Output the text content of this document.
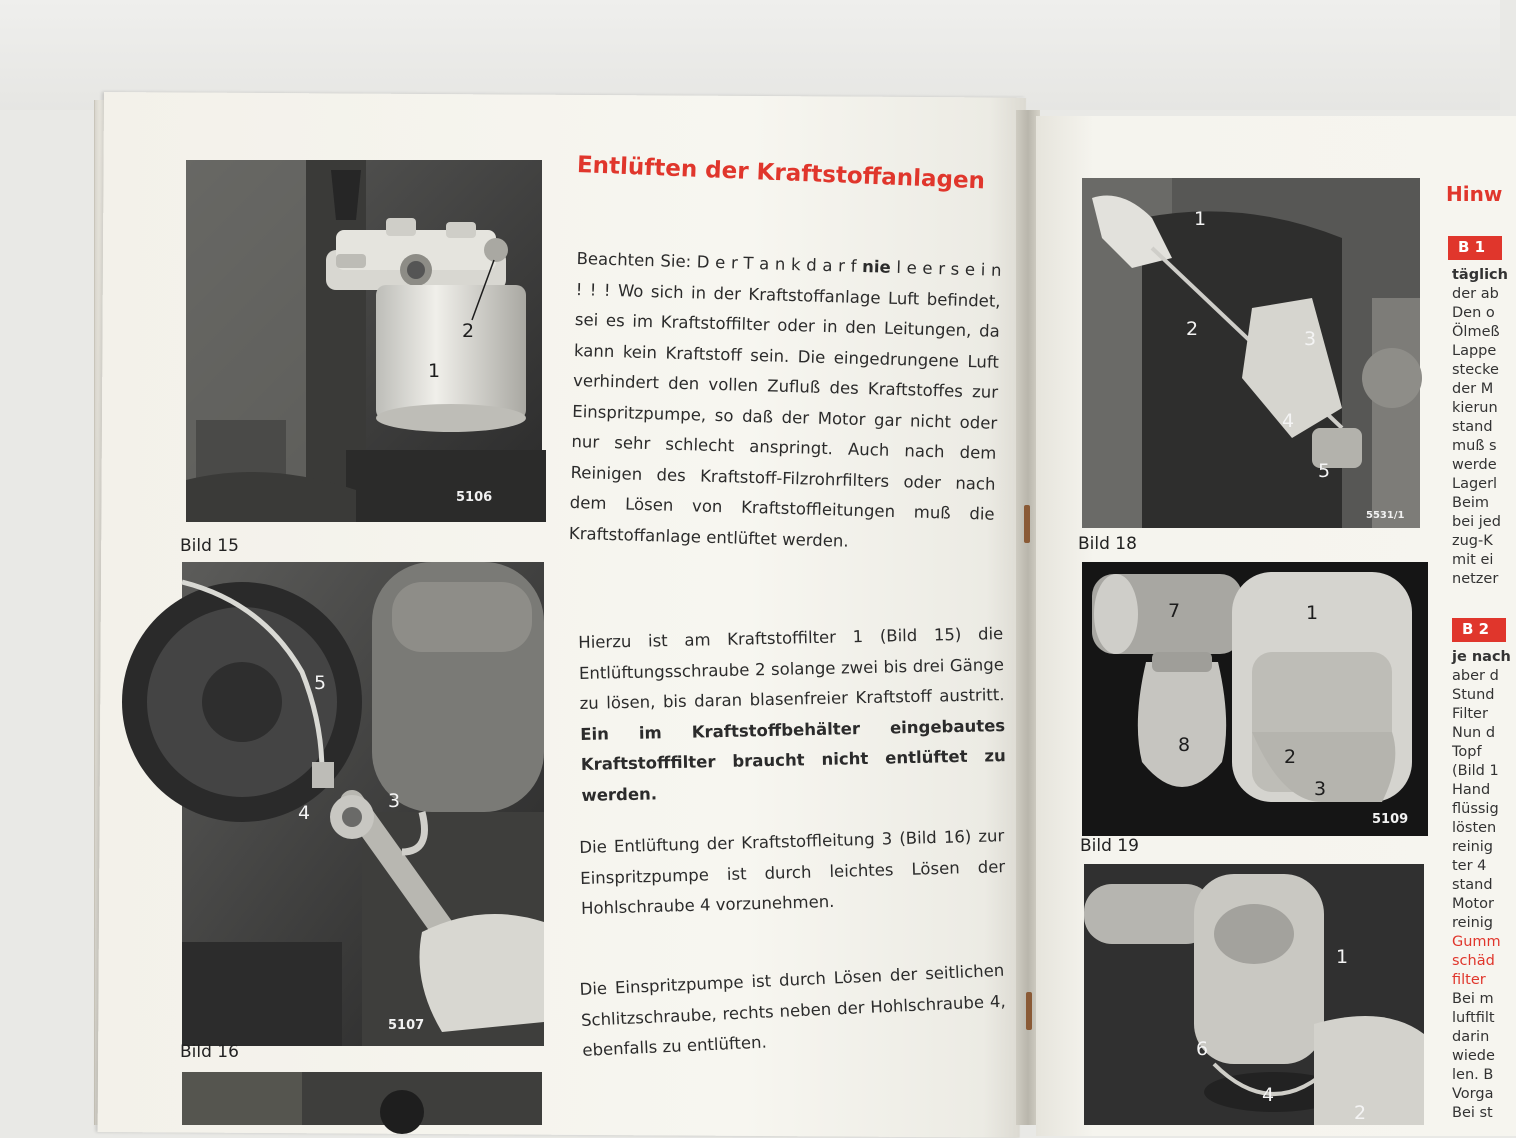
1
2
5106
Bild 15
5
4
3
5107
Bild 16
Entlüften der Kraftstoffanlagen
Beachten Sie: D e r T a n k d a r f nie l e e r s e i n ! ! ! Wo sich in der Kraftstoffanlage Luft befindet, sei es im Kraftstoffilter oder in den Leitungen, da kann kein Kraftstoff sein. Die eingedrungene Luft verhindert den vollen Zufluß des Kraftstoffes zur Einspritzpumpe, so daß der Motor gar nicht oder nur sehr schlecht anspringt. Auch nach dem Reinigen des Kraftstoff-Filzrohrfilters oder nach dem Lösen von Kraftstoffleitungen muß die Kraftstoffanlage entlüftet werden.
Hierzu ist am Kraftstoffilter 1 (Bild 15) die Entlüftungsschraube 2 solange zwei bis drei Gänge zu lösen, bis daran blasenfreier Kraftstoff austritt. Ein im Kraftstoffbehälter eingebautes Kraftstofffilter braucht nicht entlüftet zu werden.
Die Entlüftung der Kraftstoffleitung 3 (Bild 16) zur Einspritzpumpe ist durch leichtes Lösen der Hohlschraube 4 vorzunehmen.
Die Einspritzpumpe ist durch Lösen der seitlichen Schlitzschraube, rechts neben der Hohlschraube 4, ebenfalls zu entlüften.
2	3
4
5
1
5531/1
Bild 18
7	1
8
2
3
5109
Bild 19
1
6
4
2
Hinw
B 1
täglich
der ab
Den o
Ölmeß
Lappe
stecke
der M
kierun
stand
muß s
werde
Lagerl
Beim
bei jed
zug-K
mit ei
netzer
B 2
je nach
aber d
Stund
Filter
Nun d
Topf
(Bild 1
Hand
flüssig
lösten
reinig
ter 4
stand
Motor
reinig
Gumm
schäd
filter
Bei m
luftfilt
darin
wiede
len. B
Vorga
Bei st
